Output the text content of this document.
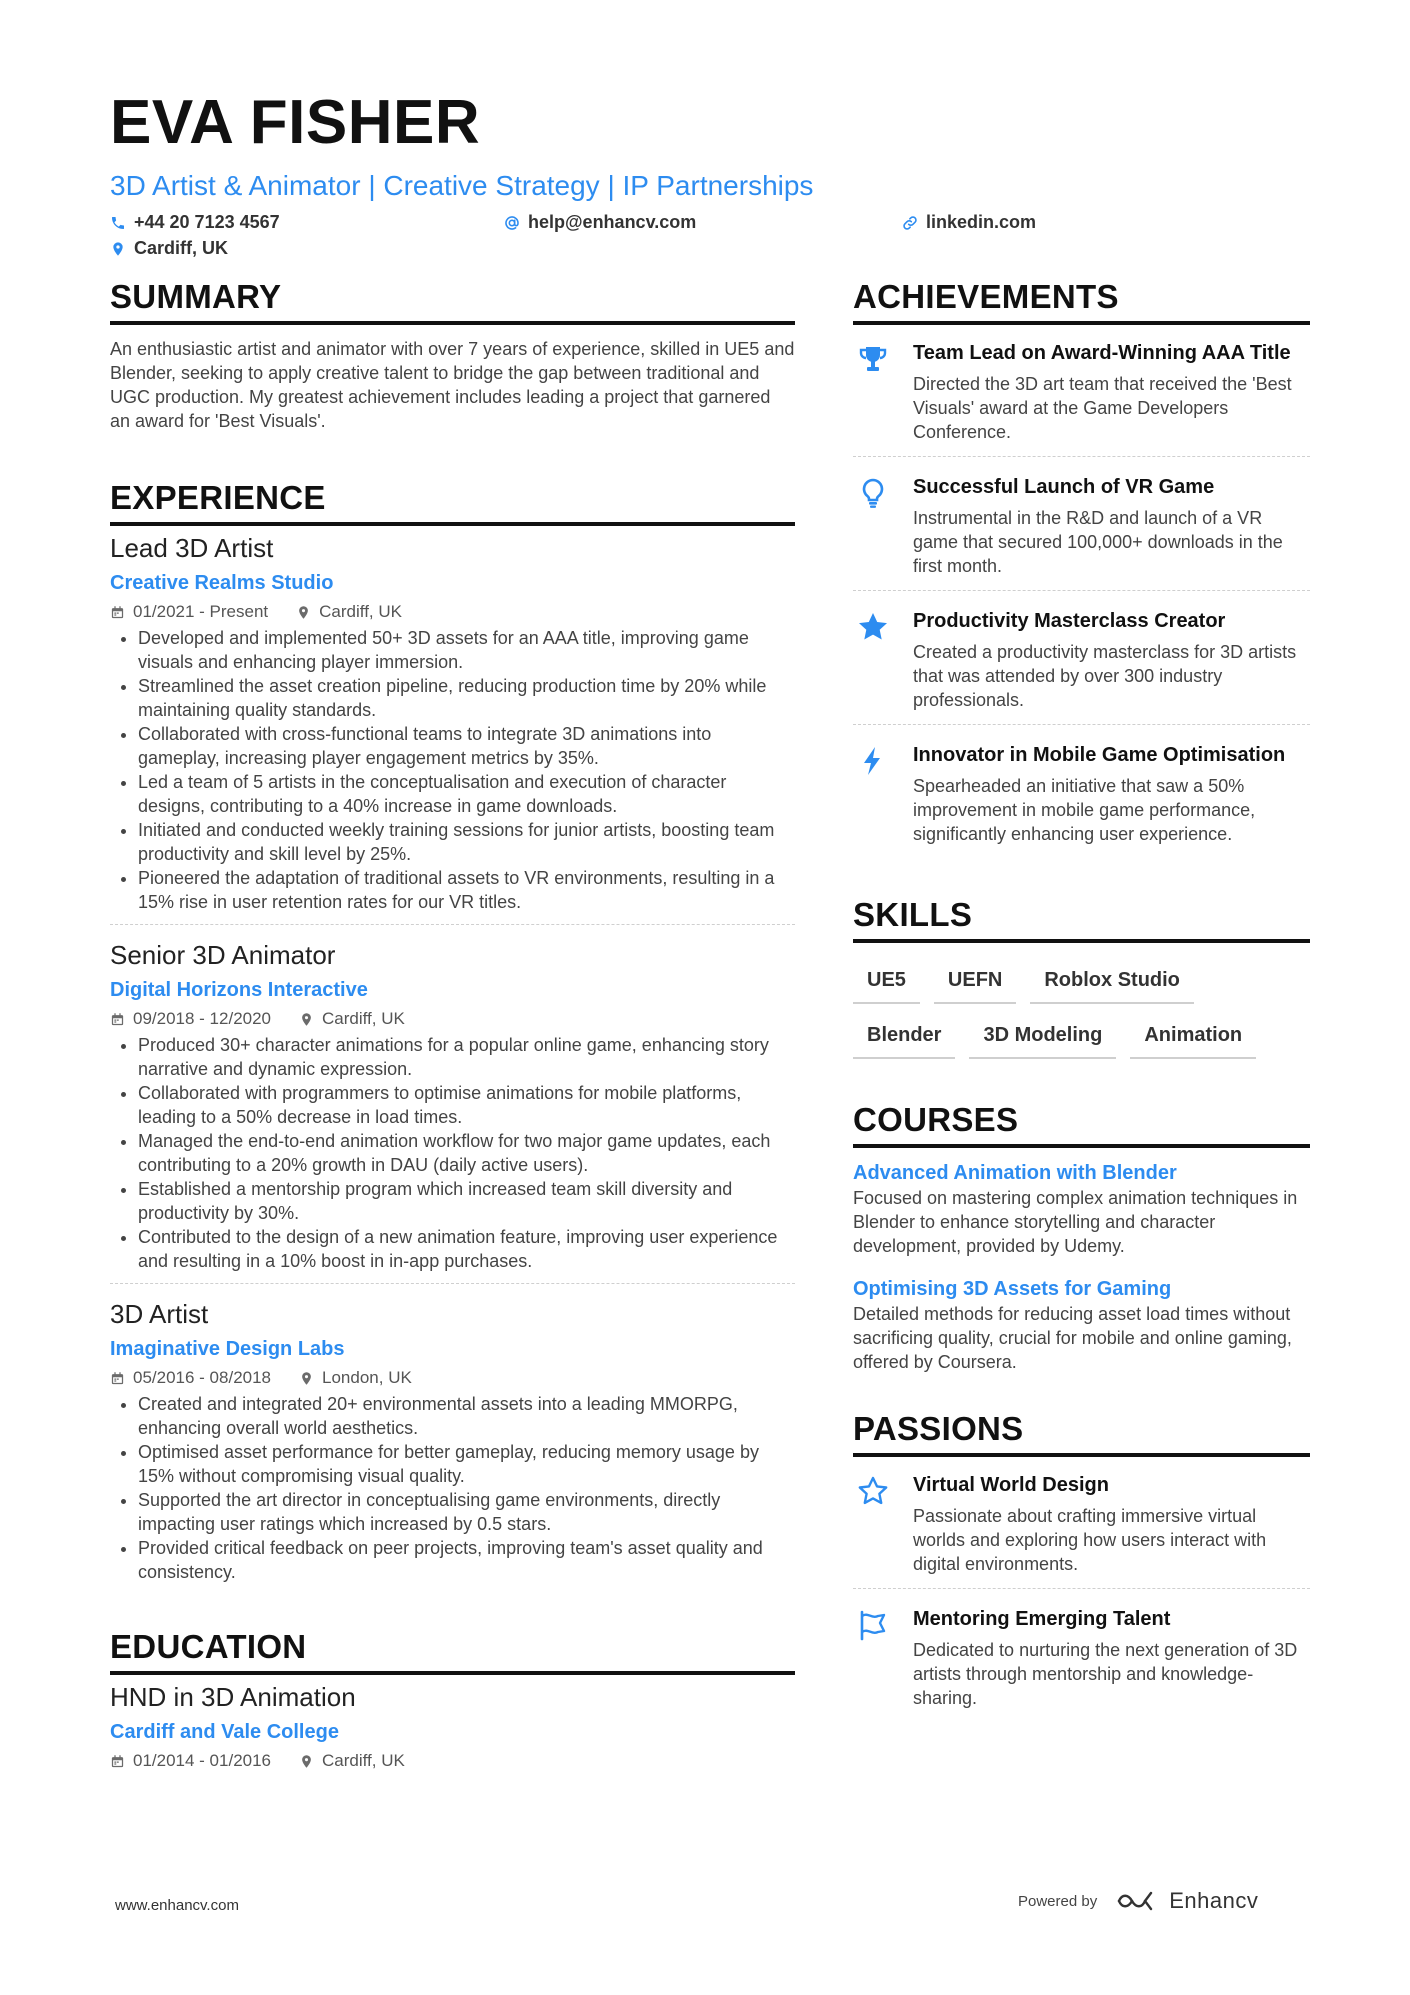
EVA FISHER
3D Artist & Animator | Creative Strategy | IP Partnerships
+44 20 7123 4567	help@enhancv.com	linkedin.com
Cardiff, UK
SUMMARY

An enthusiastic artist and animator with over 7 years of experience, skilled in UE5 and Blender, seeking to apply creative talent to bridge the gap between traditional and UGC production. My greatest achievement includes leading a project that garnered an award for 'Best Visuals'.

EXPERIENCE
Lead 3D Artist
Creative Realms Studio
01/2021 - Present	Cardiff, UK
• Developed and implemented 50+ 3D assets for an AAA title, improving game visuals and enhancing player immersion.
• Streamlined the asset creation pipeline, reducing production time by 20% while maintaining quality standards.
• Collaborated with cross-functional teams to integrate 3D animations into gameplay, increasing player engagement metrics by 35%.
• Led a team of 5 artists in the conceptualisation and execution of character designs, contributing to a 40% increase in game downloads.
• Initiated and conducted weekly training sessions for junior artists, boosting team productivity and skill level by 25%.
• Pioneered the adaptation of traditional assets to VR environments, resulting in a 15% rise in user retention rates for our VR titles.
Senior 3D Animator
Digital Horizons Interactive
09/2018 - 12/2020	Cardiff, UK
• Produced 30+ character animations for a popular online game, enhancing story narrative and dynamic expression.
• Collaborated with programmers to optimise animations for mobile platforms, leading to a 50% decrease in load times.
• Managed the end-to-end animation workflow for two major game updates, each contributing to a 20% growth in DAU (daily active users).
• Established a mentorship program which increased team skill diversity and productivity by 30%.
• Contributed to the design of a new animation feature, improving user experience and resulting in a 10% boost in in-app purchases.
3D Artist
Imaginative Design Labs
05/2016 - 08/2018	London, UK
• Created and integrated 20+ environmental assets into a leading MMORPG, enhancing overall world aesthetics.
• Optimised asset performance for better gameplay, reducing memory usage by 15% without compromising visual quality.
• Supported the art director in conceptualising game environments, directly impacting user ratings which increased by 0.5 stars.
• Provided critical feedback on peer projects, improving team's asset quality and consistency.
EDUCATION
HND in 3D Animation
Cardiff and Vale College
01/2014 - 01/2016	Cardiff, UK
ACHIEVEMENTS
Team Lead on Award-Winning AAA Title
Directed the 3D art team that received the 'Best Visuals' award at the Game Developers Conference.
Successful Launch of VR Game
Instrumental in the R&D and launch of a VR game that secured 100,000+ downloads in the first month.
Productivity Masterclass Creator
Created a productivity masterclass for 3D artists that was attended by over 300 industry professionals.
Innovator in Mobile Game Optimisation
Spearheaded an initiative that saw a 50% improvement in mobile game performance, significantly enhancing user experience.
SKILLS
UE5	UEFN	Roblox Studio
Blender	3D Modeling	Animation
COURSES
Advanced Animation with Blender
Focused on mastering complex animation techniques in Blender to enhance storytelling and character development, provided by Udemy.
Optimising 3D Assets for Gaming
Detailed methods for reducing asset load times without sacrificing quality, crucial for mobile and online gaming, offered by Coursera.
PASSIONS
Virtual World Design
Passionate about crafting immersive virtual worlds and exploring how users interact with digital environments.
Mentoring Emerging Talent
Dedicated to nurturing the next generation of 3D artists through mentorship and knowledge-sharing.
www.enhancv.com	Powered by	Enhancv
